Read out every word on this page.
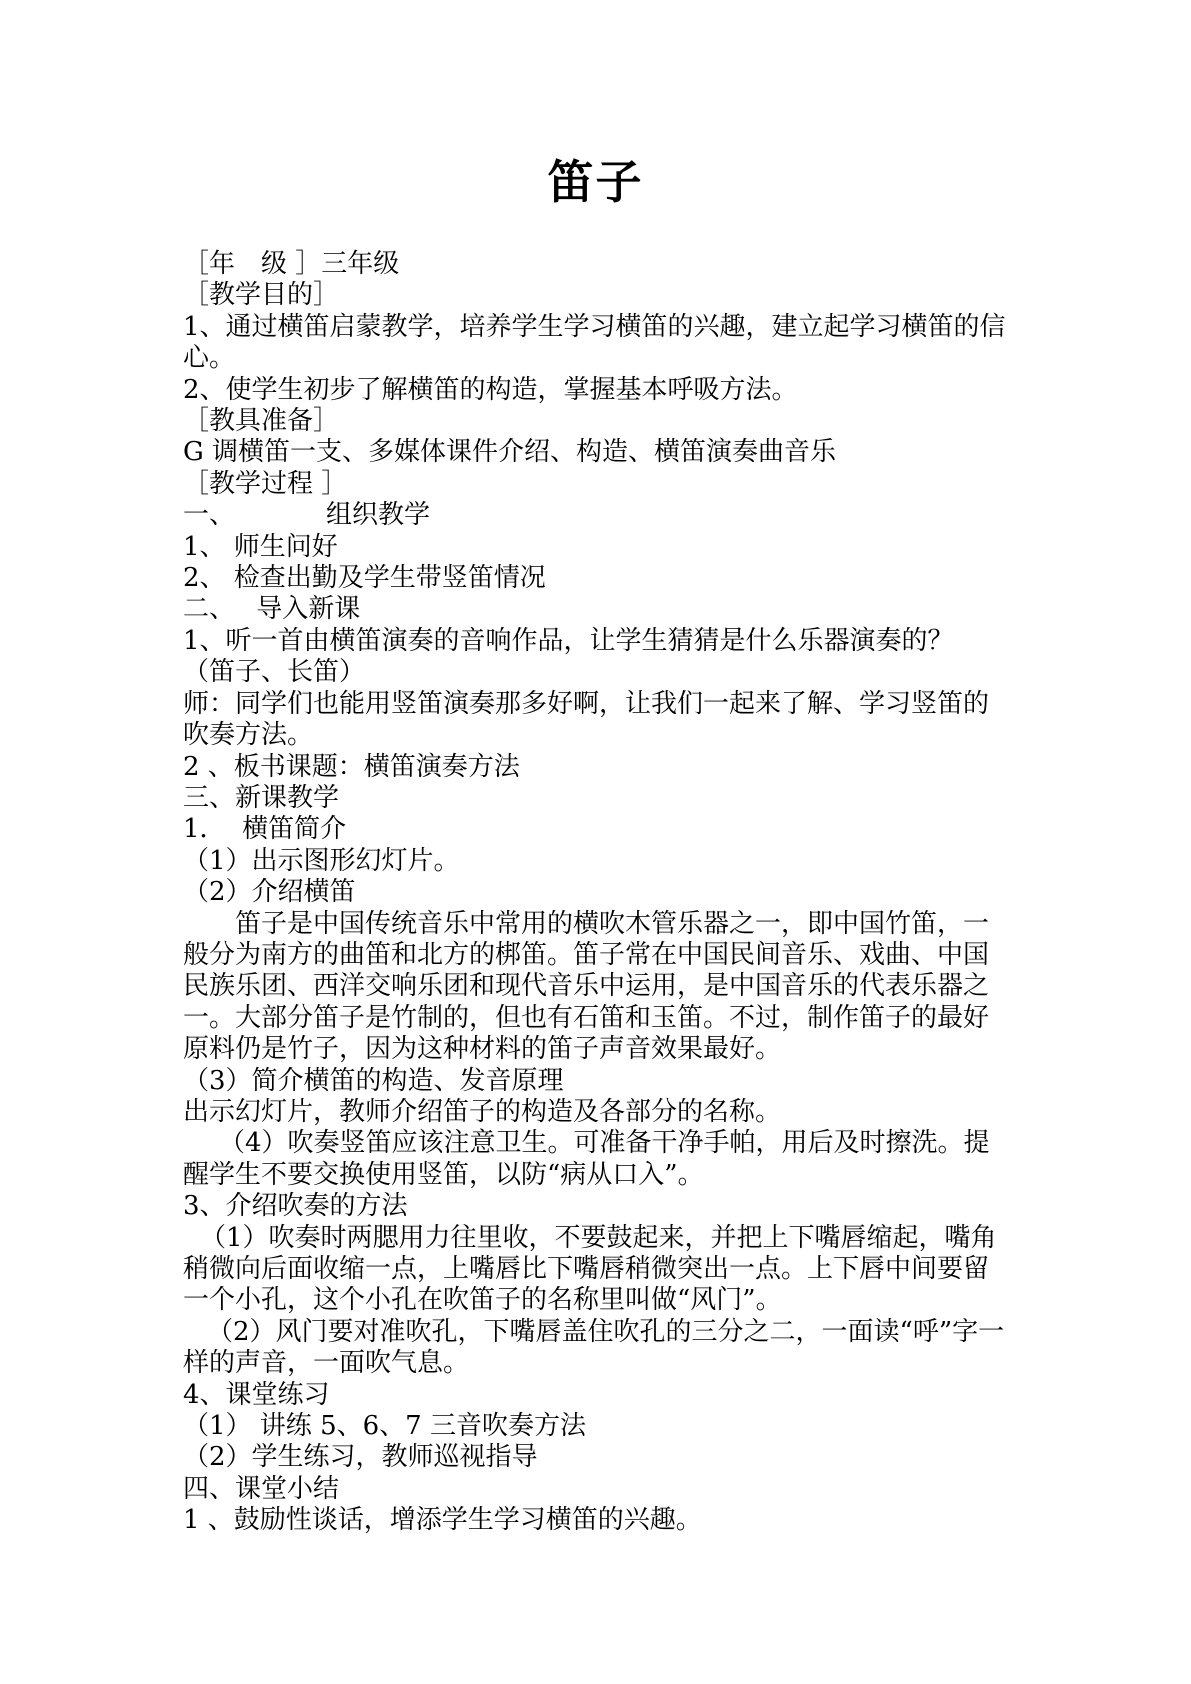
笛子

［年　级 ］三年级

［教学目的］

1、通过横笛启蒙教学，培养学生学习横笛的兴趣，建立起学习横笛的信心。

2、使学生初步了解横笛的构造，掌握基本呼吸方法。

［教具准备］

G 调横笛一支、多媒体课件介绍、构造、横笛演奏曲音乐

［教学过程 ］

一、　　　　组织教学

1、 师生问好

2、 检查出勤及学生带竖笛情况

二、　 导入新课

1、听一首由横笛演奏的音响作品，让学生猜猜是什么乐器演奏的？

（笛子、长笛）

师：同学们也能用竖笛演奏那多好啊，让我们一起来了解、学习竖笛的吹奏方法。

2 、板书课题：横笛演奏方法

三、新课教学

1．  横笛简介

（1）出示图形幻灯片。

（2）介绍横笛

笛子是中国传统音乐中常用的横吹木管乐器之一，即中国竹笛，一般分为南方的曲笛和北方的梆笛。笛子常在中国民间音乐、戏曲、中国民族乐团、西洋交响乐团和现代音乐中运用，是中国音乐的代表乐器之一。大部分笛子是竹制的，但也有石笛和玉笛。不过，制作笛子的最好原料仍是竹子，因为这种材料的笛子声音效果最好。

（3）简介横笛的构造、发音原理

出示幻灯片，教师介绍笛子的构造及各部分的名称。

（4）吹奏竖笛应该注意卫生。可准备干净手帕，用后及时擦洗。提醒学生不要交换使用竖笛，以防“病从口入”。

3、介绍吹奏的方法

（1）吹奏时两腮用力往里收，不要鼓起来，并把上下嘴唇缩起，嘴角稍微向后面收缩一点，上嘴唇比下嘴唇稍微突出一点。上下唇中间要留一个小孔，这个小孔在吹笛子的名称里叫做“风门”。

（2）风门要对准吹孔，下嘴唇盖住吹孔的三分之二，一面读“呼”字一样的声音，一面吹气息。

4、课堂练习

（1） 讲练 5、6、7 三音吹奏方法

（2）学生练习，教师巡视指导

四、课堂小结

1 、鼓励性谈话，增添学生学习横笛的兴趣。
